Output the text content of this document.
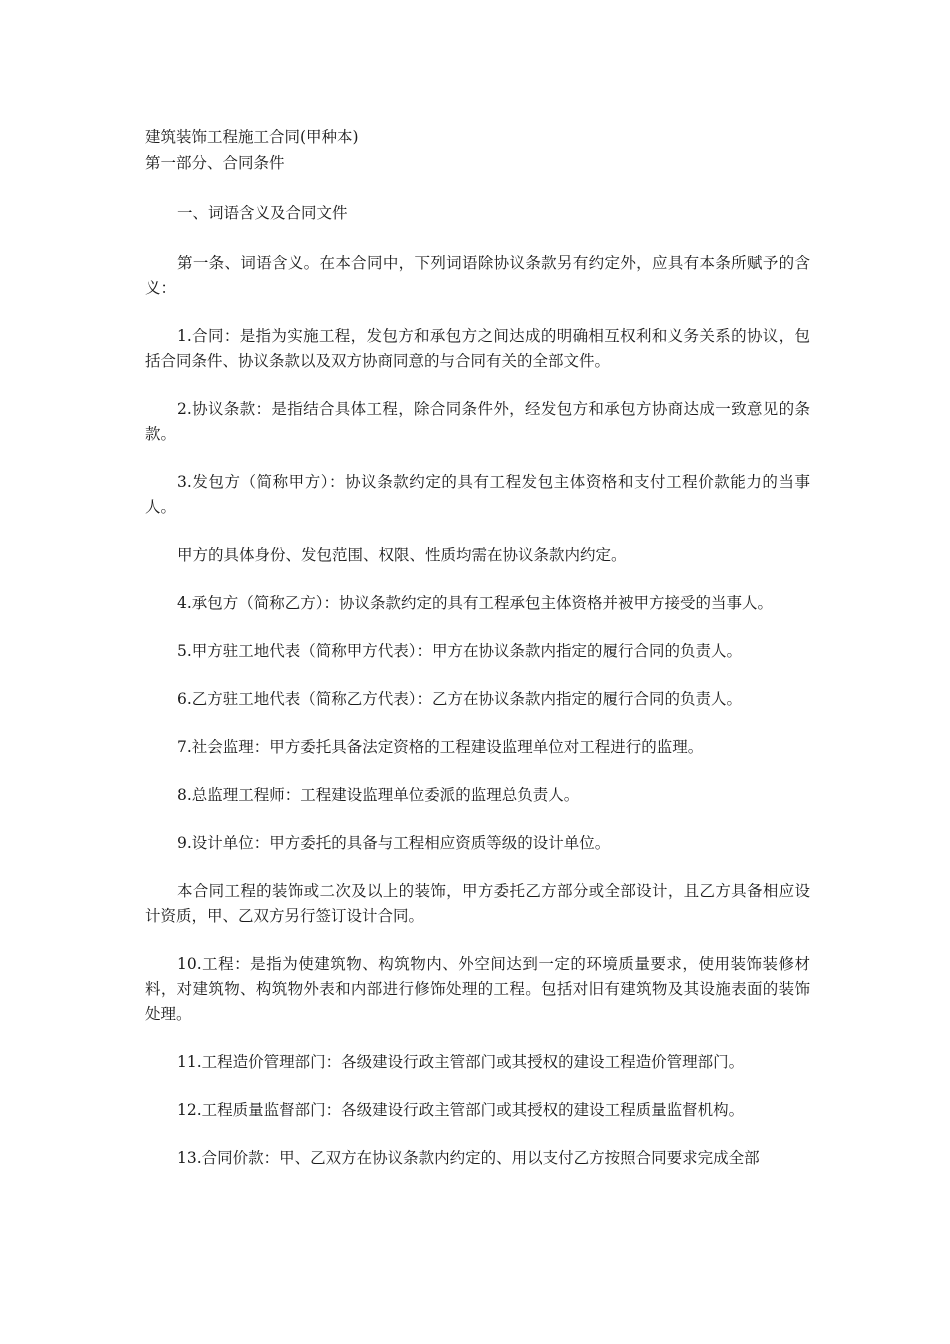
建筑装饰工程施工合同(甲种本)

第一部分、合同条件

一、词语含义及合同文件

第一条、词语含义。在本合同中，下列词语除协议条款另有约定外，应具有本条所赋予的含义：

1.合同：是指为实施工程，发包方和承包方之间达成的明确相互权利和义务关系的协议，包括合同条件、协议条款以及双方协商同意的与合同有关的全部文件。

2.协议条款：是指结合具体工程，除合同条件外，经发包方和承包方协商达成一致意见的条款。

3.发包方（简称甲方）：协议条款约定的具有工程发包主体资格和支付工程价款能力的当事人。

甲方的具体身份、发包范围、权限、性质均需在协议条款内约定。

4.承包方（简称乙方）：协议条款约定的具有工程承包主体资格并被甲方接受的当事人。

5.甲方驻工地代表（简称甲方代表）：甲方在协议条款内指定的履行合同的负责人。

6.乙方驻工地代表（简称乙方代表）：乙方在协议条款内指定的履行合同的负责人。

7.社会监理：甲方委托具备法定资格的工程建设监理单位对工程进行的监理。

8.总监理工程师：工程建设监理单位委派的监理总负责人。

9.设计单位：甲方委托的具备与工程相应资质等级的设计单位。

本合同工程的装饰或二次及以上的装饰，甲方委托乙方部分或全部设计，且乙方具备相应设计资质，甲、乙双方另行签订设计合同。

10.工程：是指为使建筑物、构筑物内、外空间达到一定的环境质量要求，使用装饰装修材料，对建筑物、构筑物外表和内部进行修饰处理的工程。包括对旧有建筑物及其设施表面的装饰处理。

11.工程造价管理部门：各级建设行政主管部门或其授权的建设工程造价管理部门。

12.工程质量监督部门：各级建设行政主管部门或其授权的建设工程质量监督机构。

13.合同价款：甲、乙双方在协议条款内约定的、用以支付乙方按照合同要求完成全部
